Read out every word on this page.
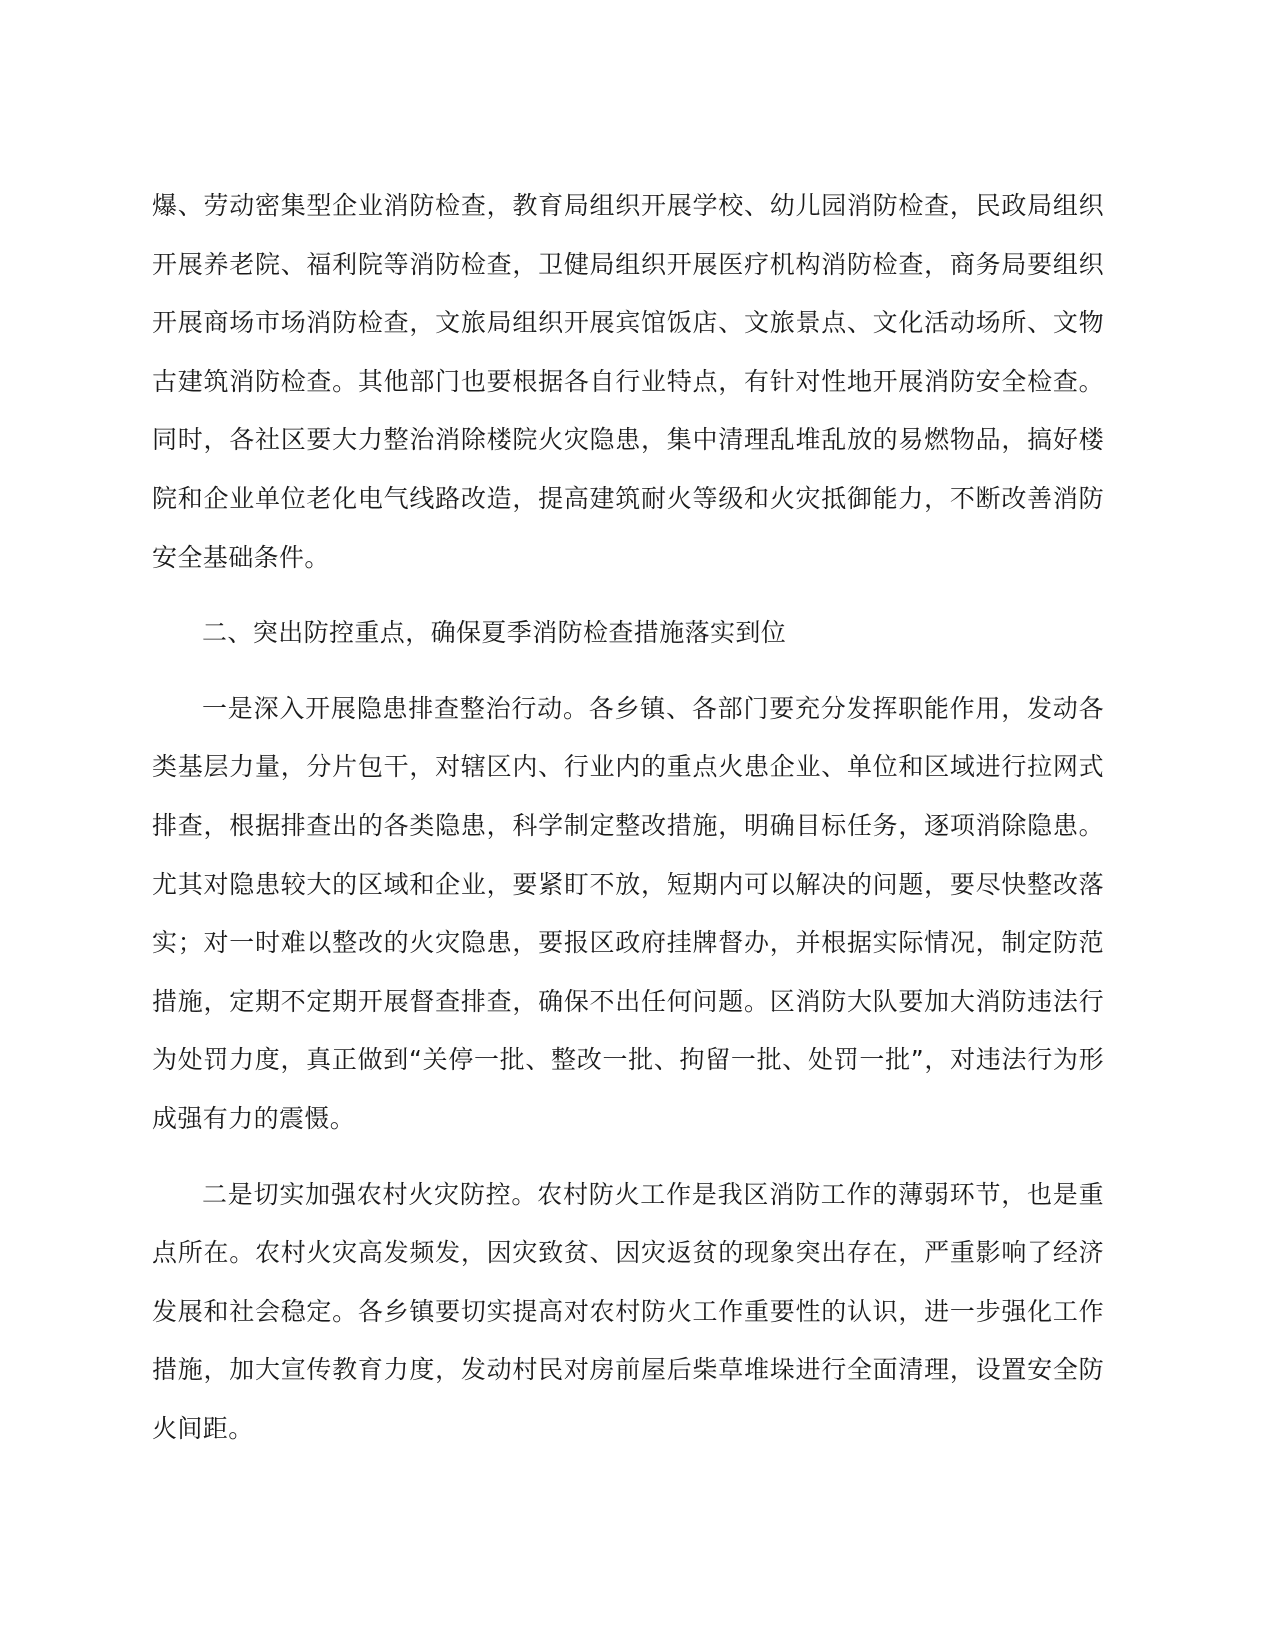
爆、劳动密集型企业消防检查，教育局组织开展学校、幼儿园消防检查，民政局组织开展养老院、福利院等消防检查，卫健局组织开展医疗机构消防检查，商务局要组织开展商场市场消防检查，文旅局组织开展宾馆饭店、文旅景点、文化活动场所、文物古建筑消防检查。其他部门也要根据各自行业特点，有针对性地开展消防安全检查。同时，各社区要大力整治消除楼院火灾隐患，集中清理乱堆乱放的易燃物品，搞好楼院和企业单位老化电气线路改造，提高建筑耐火等级和火灾抵御能力，不断改善消防安全基础条件。

二、突出防控重点，确保夏季消防检查措施落实到位

一是深入开展隐患排查整治行动。各乡镇、各部门要充分发挥职能作用，发动各类基层力量，分片包干，对辖区内、行业内的重点火患企业、单位和区域进行拉网式排查，根据排查出的各类隐患，科学制定整改措施，明确目标任务，逐项消除隐患。尤其对隐患较大的区域和企业，要紧盯不放，短期内可以解决的问题，要尽快整改落实；对一时难以整改的火灾隐患，要报区政府挂牌督办，并根据实际情况，制定防范措施，定期不定期开展督查排查，确保不出任何问题。区消防大队要加大消防违法行为处罚力度，真正做到“关停一批、整改一批、拘留一批、处罚一批”，对违法行为形成强有力的震慑。

二是切实加强农村火灾防控。农村防火工作是我区消防工作的薄弱环节，也是重点所在。农村火灾高发频发，因灾致贫、因灾返贫的现象突出存在，严重影响了经济发展和社会稳定。各乡镇要切实提高对农村防火工作重要性的认识，进一步强化工作措施，加大宣传教育力度，发动村民对房前屋后柴草堆垛进行全面清理，设置安全防火间距。
